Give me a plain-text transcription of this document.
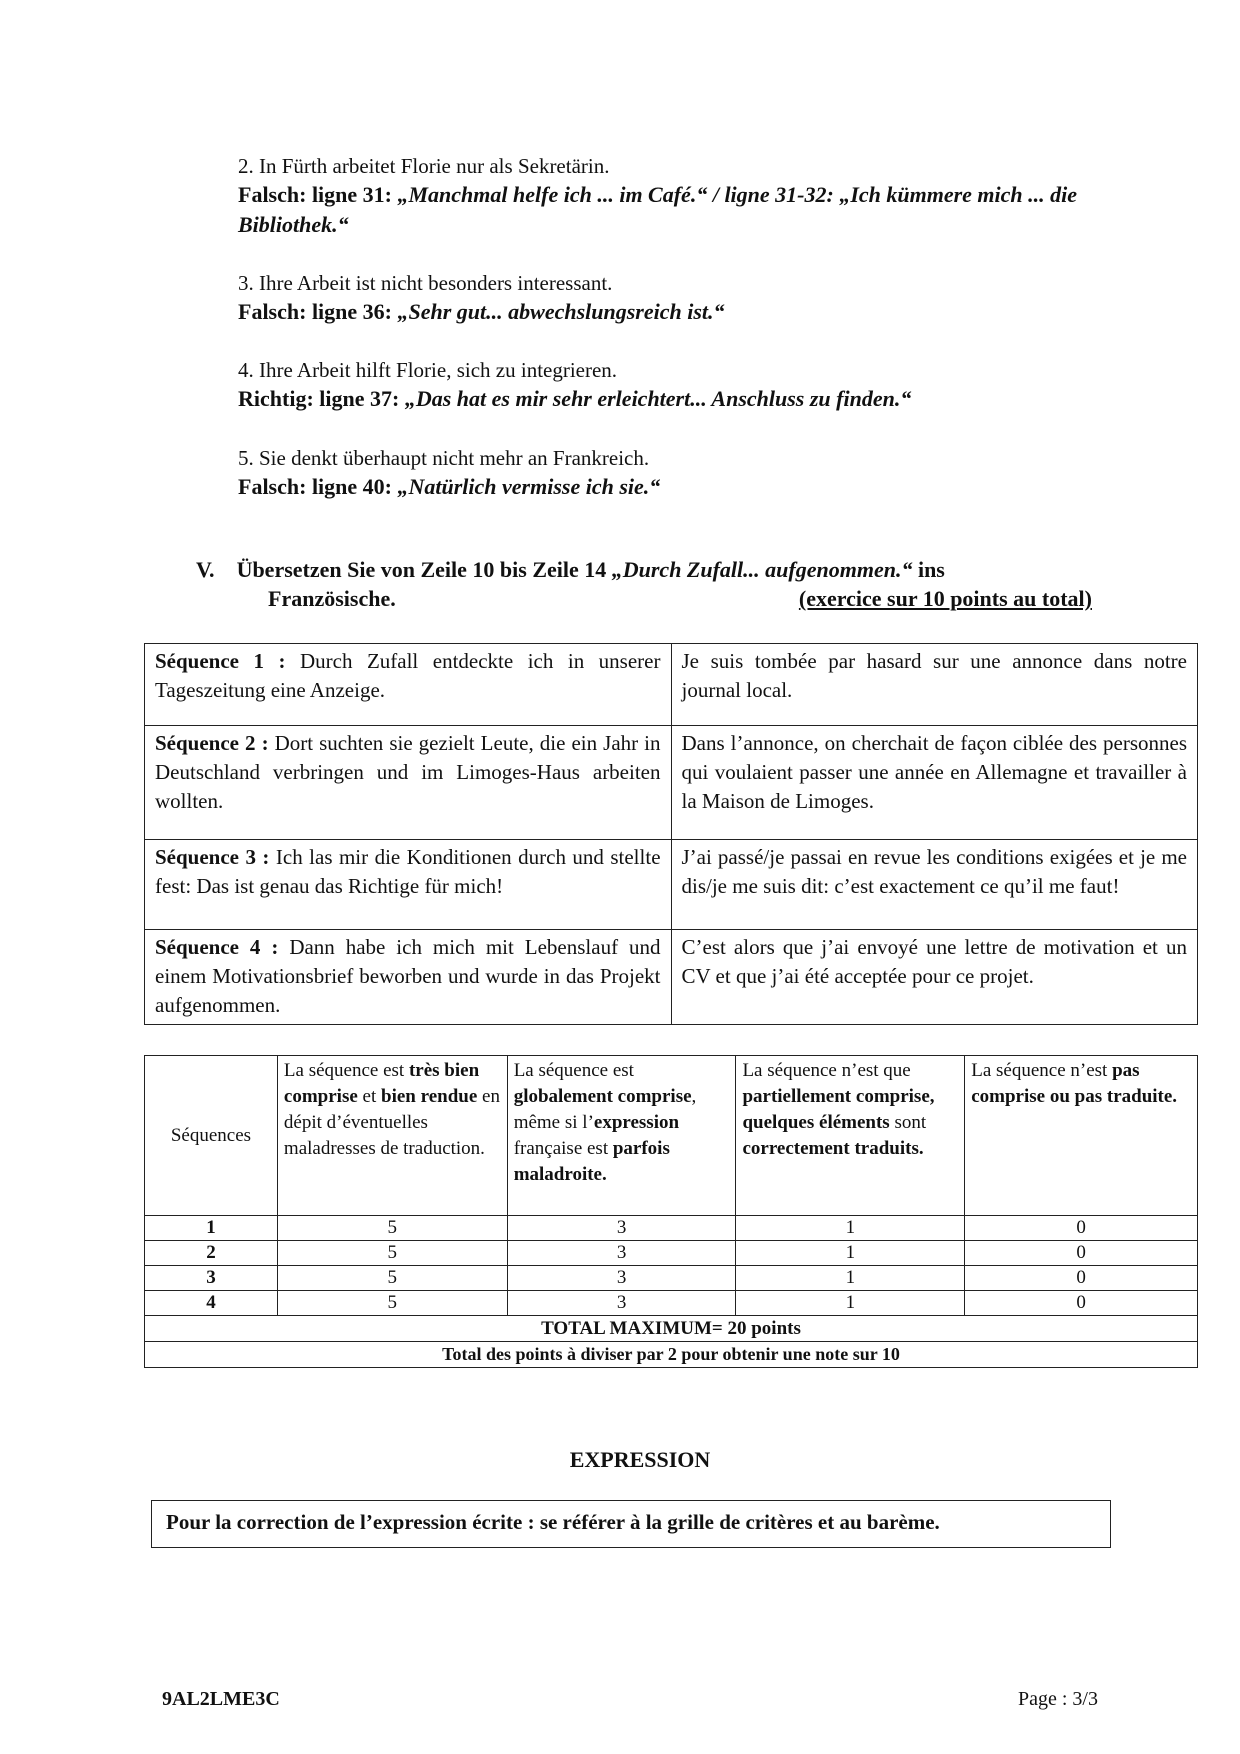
2. In Fürth arbeitet Florie nur als Sekretärin.
Falsch: ligne 31: „Manchmal helfe ich ... im Café.“ / ligne 31-32: „Ich kümmere mich ... die Bibliothek.“
3. Ihre Arbeit ist nicht besonders interessant.
Falsch: ligne 36: „Sehr gut... abwechslungsreich ist.“
4. Ihre Arbeit hilft Florie, sich zu integrieren.
Richtig: ligne 37: „Das hat es mir sehr erleichtert... Anschluss zu finden.“
5. Sie denkt überhaupt nicht mehr an Frankreich.
Falsch: ligne 40: „Natürlich vermisse ich sie.“
V. Übersetzen Sie von Zeile 10 bis Zeile 14 „Durch Zufall... aufgenommen.“ ins
Französische.	(exercice sur 10 points au total)
Séquence 1 : Durch Zufall entdeckte ich in unserer Tageszeitung eine Anzeige.	Je suis tombée par hasard sur une annonce dans notre journal local.
Séquence 2 : Dort suchten sie gezielt Leute, die ein Jahr in Deutschland verbringen und im Limoges-Haus arbeiten wollten.	Dans l’annonce, on cherchait de façon ciblée des personnes qui voulaient passer une année en Allemagne et travailler à la Maison de Limoges.
Séquence 3 : Ich las mir die Konditionen durch und stellte fest: Das ist genau das Richtige für mich!	J’ai passé/je passai en revue les conditions exigées et je me dis/je me suis dit: c’est exactement ce qu’il me faut!
Séquence 4 : Dann habe ich mich mit Lebenslauf und einem Motivationsbrief beworben und wurde in das Projekt aufgenommen.	C’est alors que j’ai envoyé une lettre de motivation et un CV et que j’ai été acceptée pour ce projet.
Séquences	La séquence est très bien comprise et bien rendue en dépit d’éventuelles maladresses de traduction.	La séquence est globalement comprise, même si l’expression française est parfois maladroite.	La séquence n’est que partiellement comprise, quelques éléments sont correctement traduits.	La séquence n’est pas comprise ou pas traduite.
1	5	3	1	0
2	5	3	1	0
3	5	3	1	0
4	5	3	1	0
TOTAL MAXIMUM= 20 points				
Total des points à diviser par 2 pour obtenir une note sur 10				
EXPRESSION
Pour la correction de l’expression écrite : se référer à la grille de critères et au barème.
9AL2LME3C	Page : 3/3
